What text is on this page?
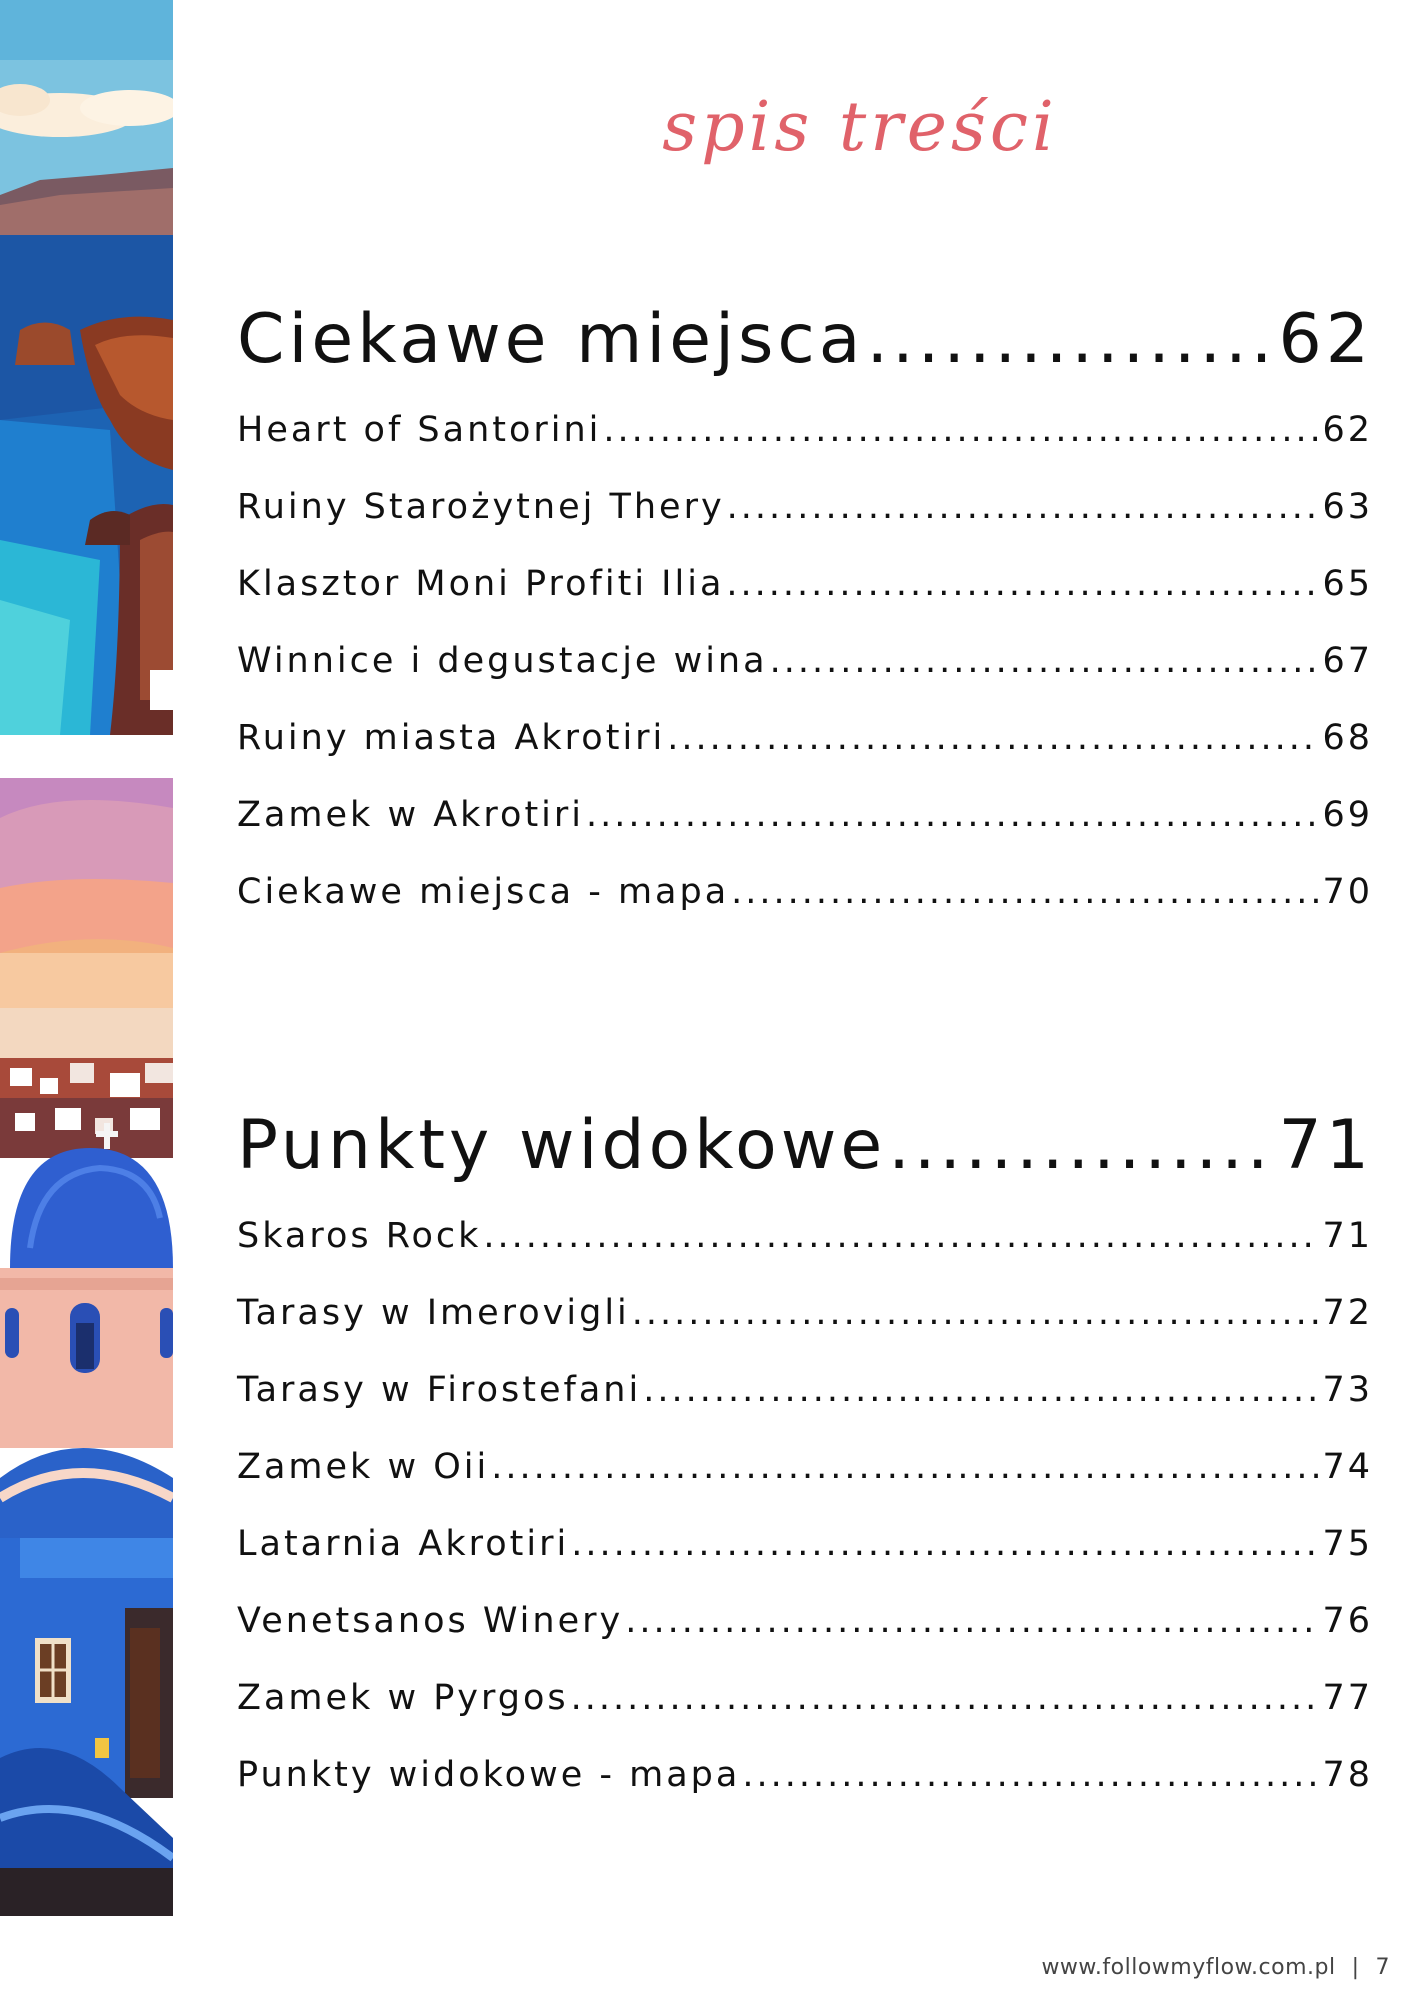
spis treści
Ciekawe miejsca .....	62
Heart of Santorini .....	62
Ruiny Starożytnej Thery .....	63
Klasztor Moni Profiti Ilia .....	65
Winnice i degustacje wina .....	67
Ruiny miasta Akrotiri .....	68
Zamek w Akrotiri .....	69
Ciekawe miejsca - mapa .....	70
Punkty widokowe .....	71
Skaros Rock .....	71
Tarasy w Imerovigli .....	72
Tarasy w Firostefani .....	73
Zamek w Oii .....	74
Latarnia Akrotiri .....	75
Venetsanos Winery .....	76
Zamek w Pyrgos .....	77
Punkty widokowe - mapa .....	78
www.followmyflow.com.pl | 7
